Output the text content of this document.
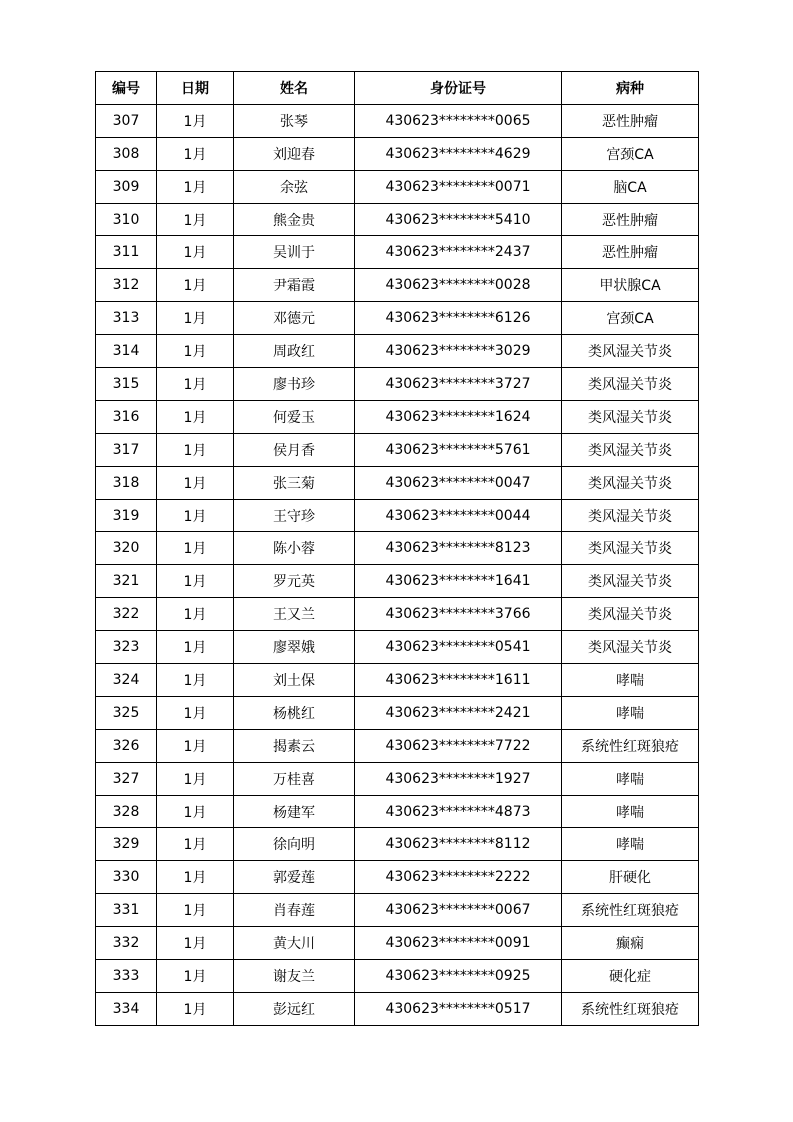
编号	日期	姓名	身份证号	病种
307	1月	张琴	430623********0065	恶性肿瘤
308	1月	刘迎春	430623********4629	宫颈CA
309	1月	余弦	430623********0071	脑CA
310	1月	熊金贵	430623********5410	恶性肿瘤
311	1月	吴训于	430623********2437	恶性肿瘤
312	1月	尹霜霞	430623********0028	甲状腺CA
313	1月	邓德元	430623********6126	宫颈CA
314	1月	周政红	430623********3029	类风湿关节炎
315	1月	廖书珍	430623********3727	类风湿关节炎
316	1月	何爱玉	430623********1624	类风湿关节炎
317	1月	侯月香	430623********5761	类风湿关节炎
318	1月	张三菊	430623********0047	类风湿关节炎
319	1月	王守珍	430623********0044	类风湿关节炎
320	1月	陈小蓉	430623********8123	类风湿关节炎
321	1月	罗元英	430623********1641	类风湿关节炎
322	1月	王又兰	430623********3766	类风湿关节炎
323	1月	廖翠娥	430623********0541	类风湿关节炎
324	1月	刘土保	430623********1611	哮喘
325	1月	杨桃红	430623********2421	哮喘
326	1月	揭素云	430623********7722	系统性红斑狼疮
327	1月	万桂喜	430623********1927	哮喘
328	1月	杨建军	430623********4873	哮喘
329	1月	徐向明	430623********8112	哮喘
330	1月	郭爱莲	430623********2222	肝硬化
331	1月	肖春莲	430623********0067	系统性红斑狼疮
332	1月	黄大川	430623********0091	癫痫
333	1月	谢友兰	430623********0925	硬化症
334	1月	彭远红	430623********0517	系统性红斑狼疮
